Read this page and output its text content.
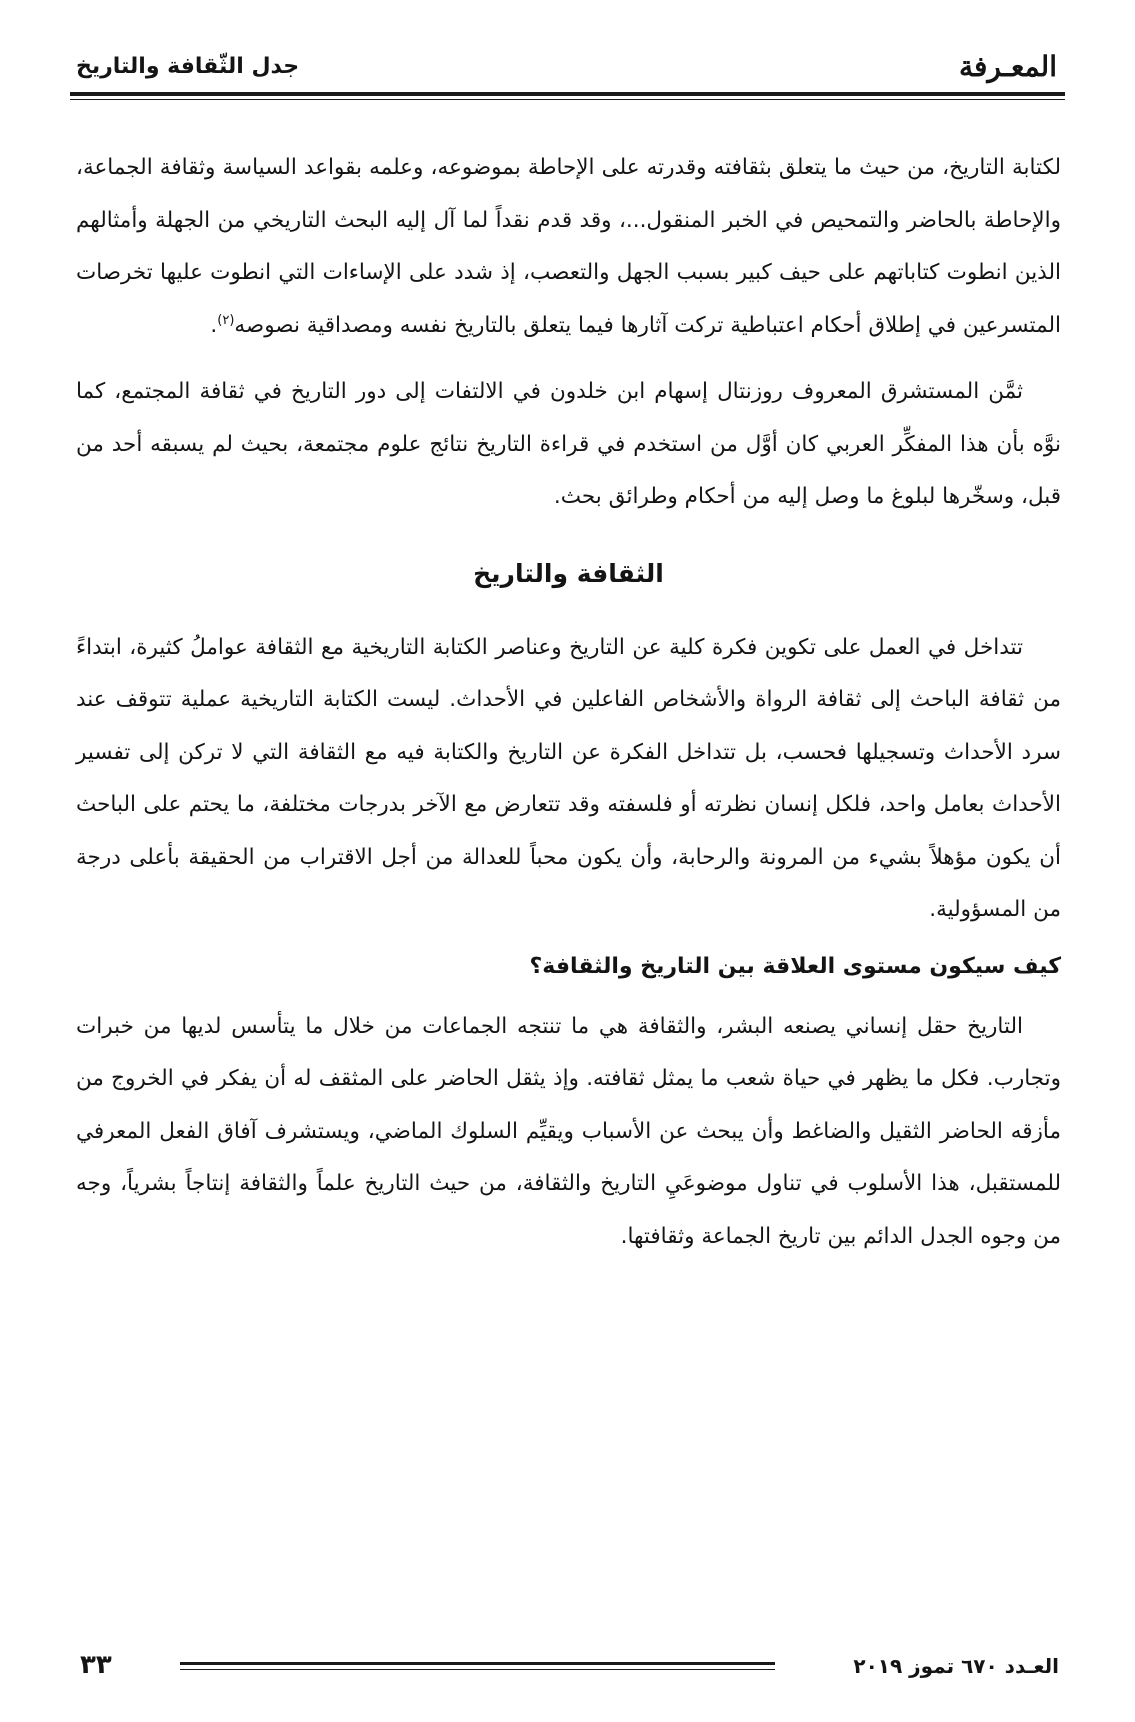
جدل الثّقافة والتاريخ	المعـرفة

لكتابة التاريخ، من حيث ما يتعلق بثقافته وقدرته على الإحاطة بموضوعه، وعلمه بقواعد السياسة وثقافة الجماعة، والإحاطة بالحاضر والتمحيص في الخبر المنقول...، وقد قدم نقداً لما آل إليه البحث التاريخي من الجهلة وأمثالهم الذين انطوت كتاباتهم على حيف كبير بسبب الجهل والتعصب، إذ شدد على الإساءات التي انطوت عليها تخرصات المتسرعين في إطلاق أحكام اعتباطية تركت آثارها فيما يتعلق بالتاريخ نفسه ومصداقية نصوصه$^{(٢)}$.

ثمَّن المستشرق المعروف روزنتال إسهام ابن خلدون في الالتفات إلى دور التاريخ في ثقافة المجتمع، كما نوَّه بأن هذا المفكِّر العربي كان أوَّل من استخدم في قراءة التاريخ نتائج علوم مجتمعة، بحيث لم يسبقه أحد من قبل، وسخّرها لبلوغ ما وصل إليه من أحكام وطرائق بحث.

الثقافة والتاريخ

تتداخل في العمل على تكوين فكرة كلية عن التاريخ وعناصر الكتابة التاريخية مع الثقافة عواملُ كثيرة، ابتداءً من ثقافة الباحث إلى ثقافة الرواة والأشخاص الفاعلين في الأحداث. ليست الكتابة التاريخية عملية تتوقف عند سرد الأحداث وتسجيلها فحسب، بل تتداخل الفكرة عن التاريخ والكتابة فيه مع الثقافة التي لا تركن إلى تفسير الأحداث بعامل واحد، فلكل إنسان نظرته أو فلسفته وقد تتعارض مع الآخر بدرجات مختلفة، ما يحتم على الباحث أن يكون مؤهلاً بشيء من المرونة والرحابة، وأن يكون محباً للعدالة من أجل الاقتراب من الحقيقة بأعلى درجة من المسؤولية.

كيف سيكون مستوى العلاقة بين التاريخ والثقافة؟

التاريخ حقل إنساني يصنعه البشر، والثقافة هي ما تنتجه الجماعات من خلال ما يتأسس لديها من خبرات وتجارب. فكل ما يظهر في حياة شعب ما يمثل ثقافته. وإذ يثقل الحاضر على المثقف له أن يفكر في الخروج من مأزقه الحاضر الثقيل والضاغط وأن يبحث عن الأسباب ويقيِّم السلوك الماضي، ويستشرف آفاق الفعل المعرفي للمستقبل، هذا الأسلوب في تناول موضوعَيِ التاريخ والثقافة، من حيث التاريخ علماً والثقافة إنتاجاً بشرياً، وجه من وجوه الجدل الدائم بين تاريخ الجماعة وثقافتها.

٣٣	العـدد ٦٧٠ تموز ٢٠١٩
